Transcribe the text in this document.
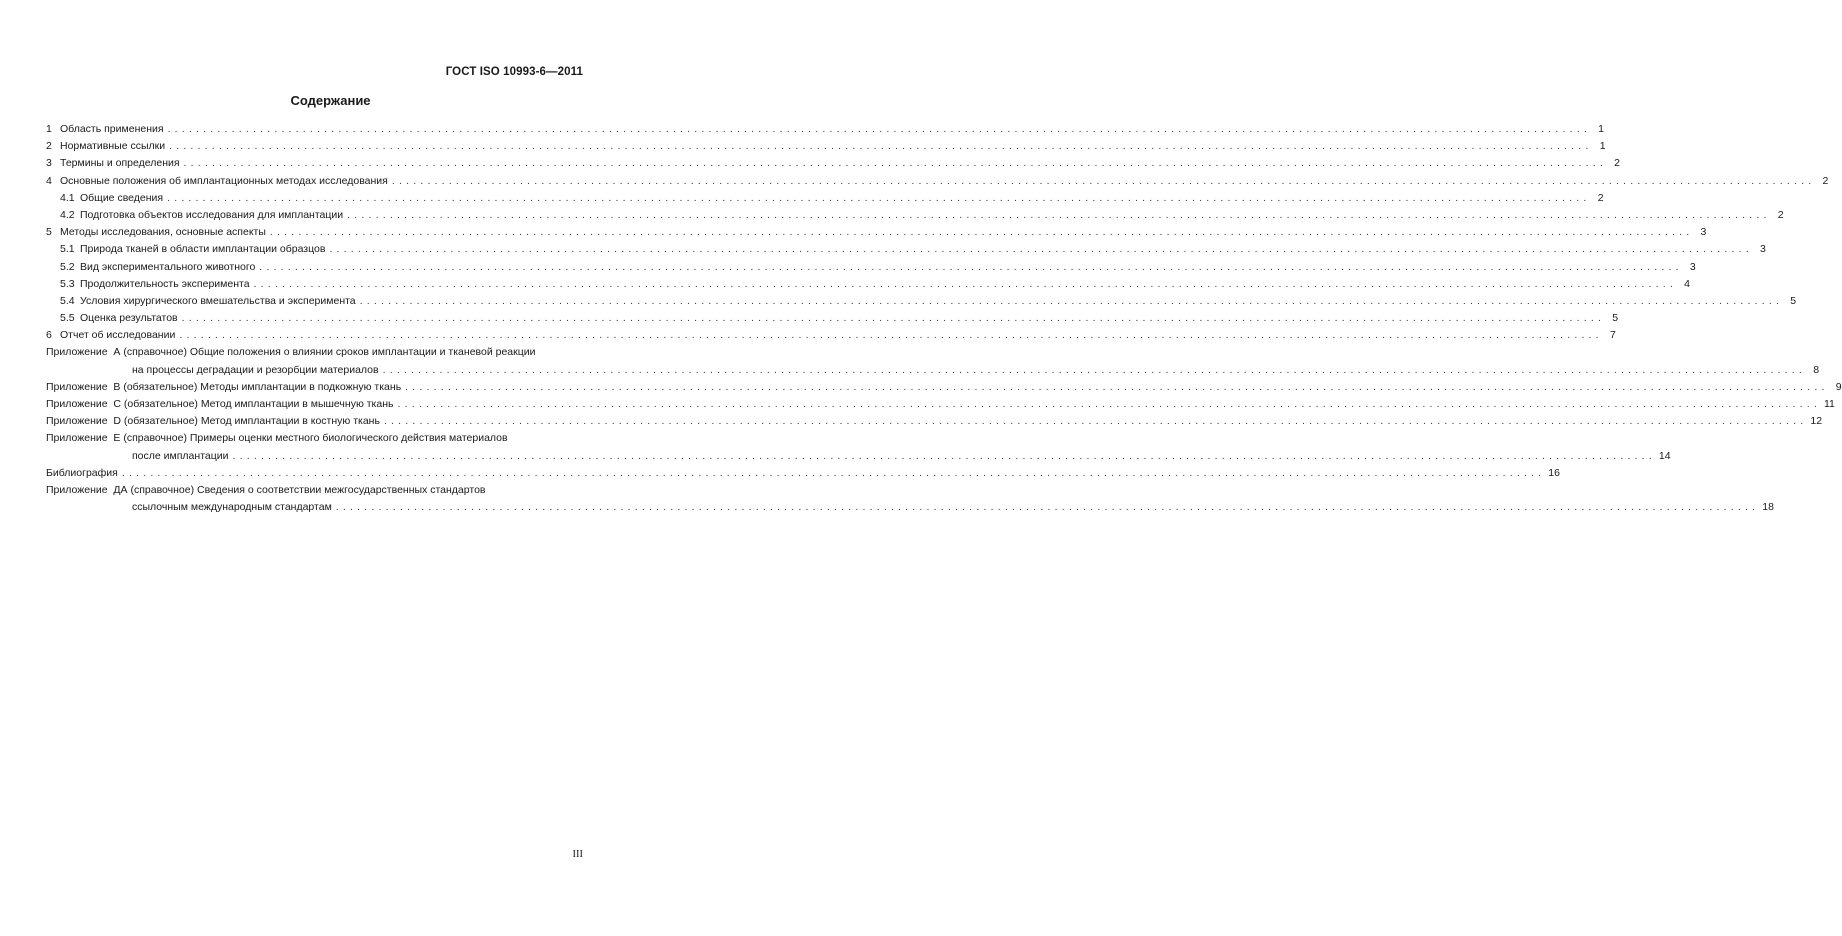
ГОСТ ISO 10993-6—2011
Содержание
1 Область применения ........................................................................................................................................................................................................ 1
2 Нормативные ссылки ........................................................................................................................................................................................................ 1
3 Термины и определения ........................................................................................................................................................................................................ 2
4 Основные положения об имплантационных методах исследования ........................................................................................................................................................................................................ 2
4.1 Общие сведения ........................................................................................................................................................................................................ 2
4.2 Подготовка объектов исследования для имплантации ........................................................................................................................................................................................................ 2
5 Методы исследования, основные аспекты ........................................................................................................................................................................................................ 3
5.1 Природа тканей в области имплантации образцов ........................................................................................................................................................................................................ 3
5.2 Вид экспериментального животного ........................................................................................................................................................................................................ 3
5.3 Продолжительность эксперимента ........................................................................................................................................................................................................ 4
5.4 Условия хирургического вмешательства и эксперимента ........................................................................................................................................................................................................ 5
5.5 Оценка результатов ........................................................................................................................................................................................................ 5
6 Отчет об исследовании ........................................................................................................................................................................................................ 7
Приложение  А (справочное) Общие положения о влиянии сроков имплантации и тканевой реакции
на процессы деградации и резорбции материалов ........................................................................................................................................................................................................ 8
Приложение  В (обязательное) Методы имплантации в подкожную ткань ........................................................................................................................................................................................................ 9
Приложение  С (обязательное) Метод имплантации в мышечную ткань ........................................................................................................................................................................................................ 11
Приложение  D (обязательное) Метод имплантации в костную ткань ........................................................................................................................................................................................................ 12
Приложение  Е (справочное) Примеры оценки местного биологического действия материалов
после имплантации ........................................................................................................................................................................................................ 14
Библиография ........................................................................................................................................................................................................ 16
Приложение  ДА (справочное) Сведения о соответствии межгосударственных стандартов
ссылочным международным стандартам ........................................................................................................................................................................................................ 18
III
